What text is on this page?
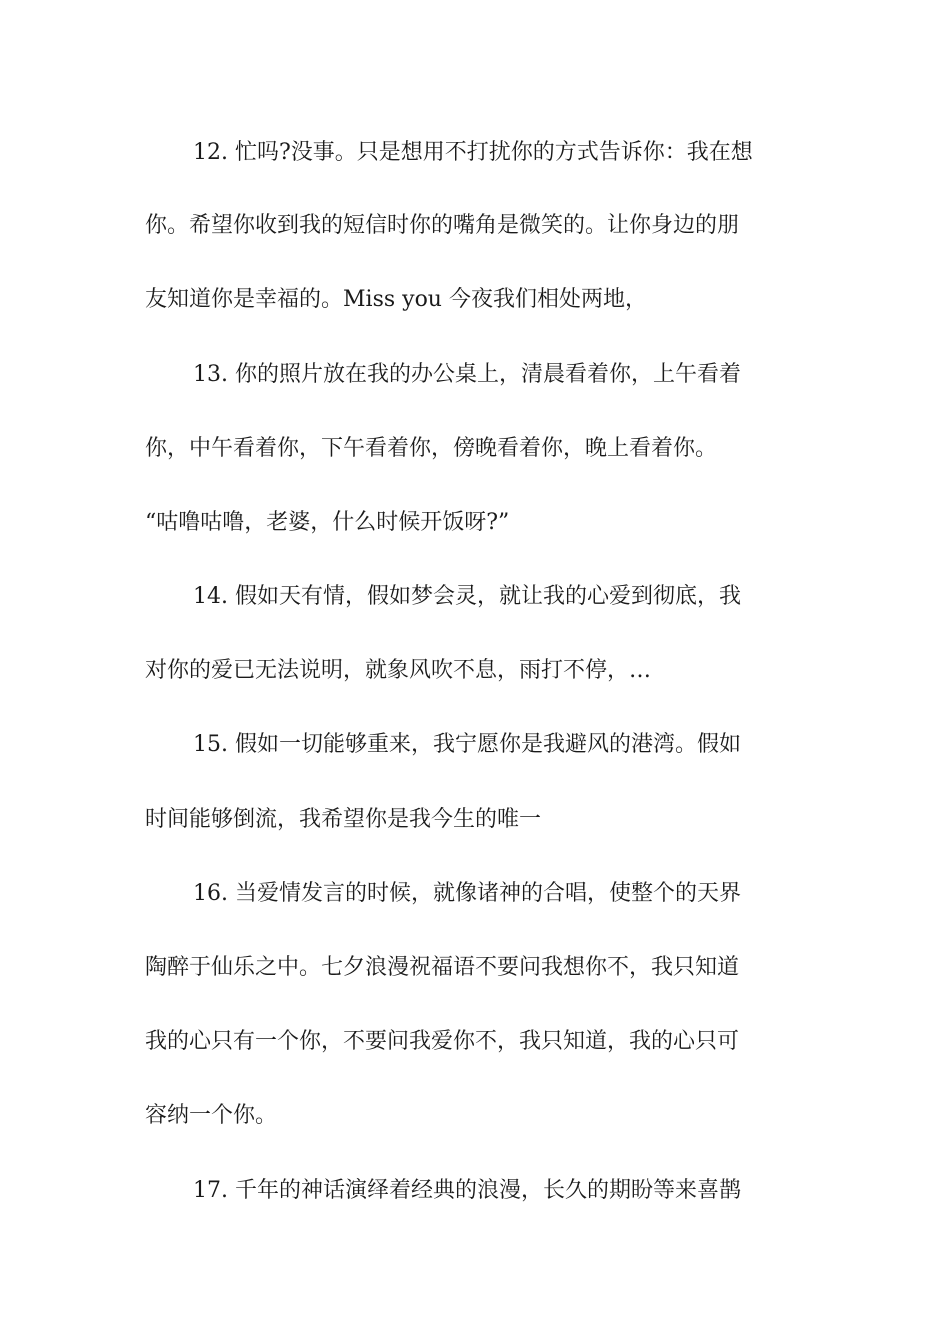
12. 忙吗?没事。只是想用不打扰你的方式告诉你：我在想
你。希望你收到我的短信时你的嘴角是微笑的。让你身边的朋
友知道你是幸福的。Miss you 今夜我们相处两地，
13. 你的照片放在我的办公桌上，清晨看着你，上午看着
你，中午看着你，下午看着你，傍晚看着你，晚上看着你。
“咕噜咕噜，老婆，什么时候开饭呀?”
14. 假如天有情，假如梦会灵，就让我的心爱到彻底，我
对你的爱已无法说明，就象风吹不息，雨打不停，…
15. 假如一切能够重来，我宁愿你是我避风的港湾。假如
时间能够倒流，我希望你是我今生的唯一
16. 当爱情发言的时候，就像诸神的合唱，使整个的天界
陶醉于仙乐之中。七夕浪漫祝福语不要问我想你不，我只知道
我的心只有一个你，不要问我爱你不，我只知道，我的心只可
容纳一个你。
17. 千年的神话演绎着经典的浪漫，长久的期盼等来喜鹊
